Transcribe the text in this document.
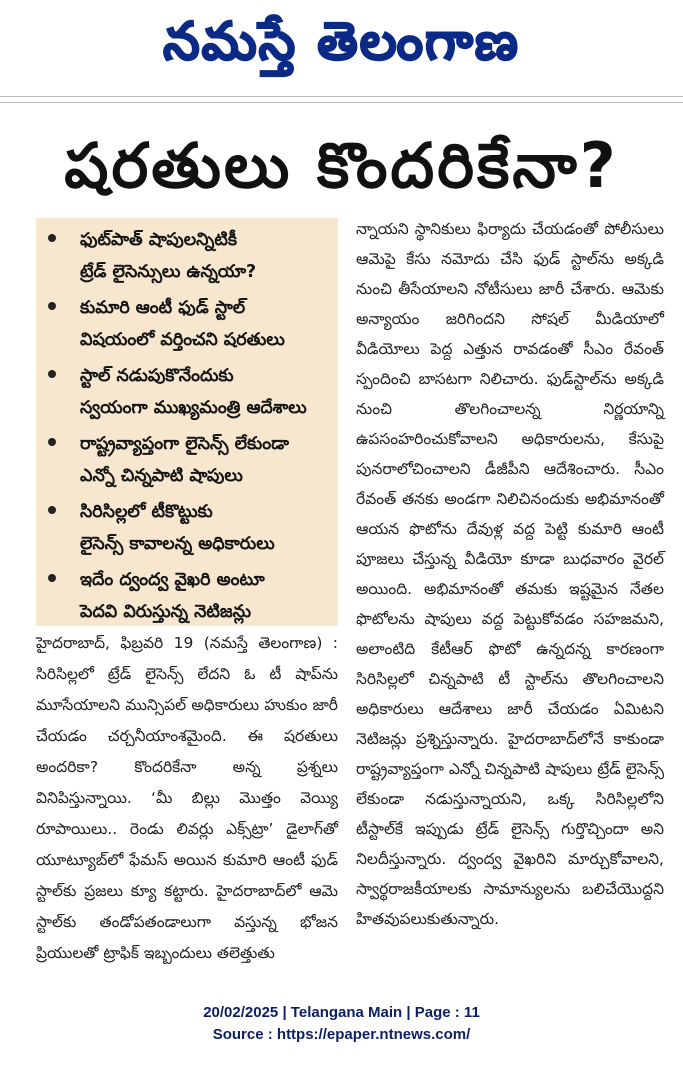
నమస్తే తెలంగాణ
షరతులు కొందరికేనా?
ఫుట్‌పాత్ షాపులన్నిటికీ
ట్రేడ్ లైసెన్సులు ఉన్నయా?
కుమారి ఆంటీ ఫుడ్ స్టాల్
విషయంలో వర్తించని షరతులు
స్టాల్ నడుపుకొనేందుకు
స్వయంగా ముఖ్యమంత్రి ఆదేశాలు
రాష్ట్రవ్యాప్తంగా లైసెన్స్ లేకుండా
ఎన్నో చిన్నపాటి షాపులు
సిరిసిల్లలో టీకొట్టుకు
లైసెన్స్ కావాలన్న అధికారులు
ఇదేం ద్వంద్వ వైఖరి అంటూ
పెదవి విరుస్తున్న నెటిజన్లు

హైదరాబాద్, ఫిబ్రవరి 19 (నమస్తే తెలంగాణ) : సిరిసిల్లలో ట్రేడ్ లైసెన్స్ లేదని ఓ టీ షాప్‌ను మూసేయాలని మున్సిపల్ అధికారులు హుకుం జారీ చేయడం చర్చనీయాంశమైంది. ఈ షరతులు అందరికా? కొందరికేనా అన్న ప్రశ్నలు వినిపిస్తున్నాయి. ‘మీ బిల్లు మొత్తం వెయ్యి రూపాయిలు.. రెండు లివర్లు ఎక్స్‌ట్రా’ డైలాగ్‌తో యూట్యూబ్‌లో ఫేమస్ అయిన కుమారి ఆంటీ ఫుడ్ స్టాల్‌కు ప్రజలు క్యూ కట్టారు. హైదరాబాద్‌లో ఆమె స్టాల్‌కు తండోపతండాలుగా వస్తున్న భోజన ప్రియులతో ట్రాఫిక్ ఇబ్బందులు తలెత్తుతు

న్నాయని స్థానికులు ఫిర్యాదు చేయడంతో పోలీసులు ఆమెపై కేసు నమోదు చేసి ఫుడ్ స్టాల్‌ను అక్కడి నుంచి తీసేయాలని నోటీసులు జారీ చేశారు. ఆమెకు అన్యాయం జరిగిందని సోషల్ మీడియాలో వీడియోలు పెద్ద ఎత్తున రావడంతో సీఎం రేవంత్ స్పందించి బాసటగా నిలిచారు. ఫుడ్‌స్టాల్‌ను అక్కడి నుంచి తొలగించాలన్న నిర్ణయాన్ని ఉపసంహరించుకోవాలని అధికారులను, కేసుపై పునరాలోచించాలని డీజీపీని ఆదేశించారు. సీఎం రేవంత్ తనకు అండగా నిలిచినందుకు అభిమానంతో ఆయన ఫొటోను దేవుళ్ల వద్ద పెట్టి కుమారి ఆంటీ పూజలు చేస్తున్న వీడియో కూడా బుధవారం వైరల్ అయింది. అభిమానంతో తమకు ఇష్టమైన నేతల ఫొటోలను షాపులు వద్ద పెట్టుకోవడం సహజమని, అలాంటిది కేటీఆర్ ఫొటో ఉన్నదన్న కారణంగా సిరిసిల్లలో చిన్నపాటి టీ స్టాల్‌ను తొలగించాలని అధికారులు ఆదేశాలు జారీ చేయడం ఏమిటని నెటిజన్లు ప్రశ్నిస్తున్నారు. హైదరాబాద్‌లోనే కాకుండా రాష్ట్రవ్యాప్తంగా ఎన్నో చిన్నపాటి షాపులు ట్రేడ్ లైసెన్స్ లేకుండా నడుస్తున్నాయని, ఒక్క సిరిసిల్లలోని టీస్టాల్‌కే ఇప్పుడు ట్రేడ్ లైసెన్స్ గుర్తొచ్చిందా అని నిలదీస్తున్నారు. ద్వంద్వ వైఖరిని మార్చుకోవాలని, స్వార్థరాజకీయాలకు సామాన్యులను బలిచేయొద్దని హితవుపలుకుతున్నారు.

20/02/2025 | Telangana Main | Page : 11
Source : https://epaper.ntnews.com/
